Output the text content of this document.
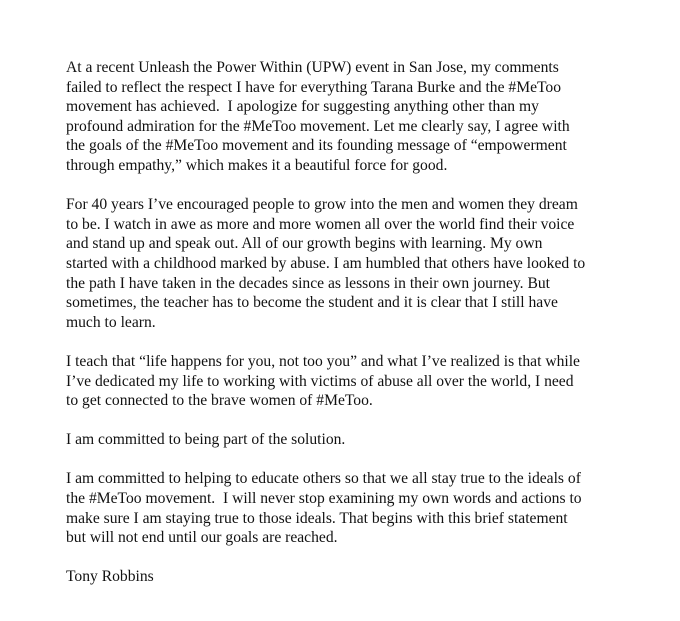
At a recent Unleash the Power Within (UPW) event in San Jose, my comments
failed to reflect the respect I have for everything Tarana Burke and the #MeToo
movement has achieved.  I apologize for suggesting anything other than my
profound admiration for the #MeToo movement. Let me clearly say, I agree with
the goals of the #MeToo movement and its founding message of “empowerment
through empathy,” which makes it a beautiful force for good.

For 40 years I’ve encouraged people to grow into the men and women they dream
to be. I watch in awe as more and more women all over the world find their voice
and stand up and speak out. All of our growth begins with learning. My own
started with a childhood marked by abuse. I am humbled that others have looked to
the path I have taken in the decades since as lessons in their own journey. But
sometimes, the teacher has to become the student and it is clear that I still have
much to learn.

I teach that “life happens for you, not too you” and what I’ve realized is that while
I’ve dedicated my life to working with victims of abuse all over the world, I need
to get connected to the brave women of #MeToo.

I am committed to being part of the solution.

I am committed to helping to educate others so that we all stay true to the ideals of
the #MeToo movement.  I will never stop examining my own words and actions to
make sure I am staying true to those ideals. That begins with this brief statement
but will not end until our goals are reached.

Tony Robbins
